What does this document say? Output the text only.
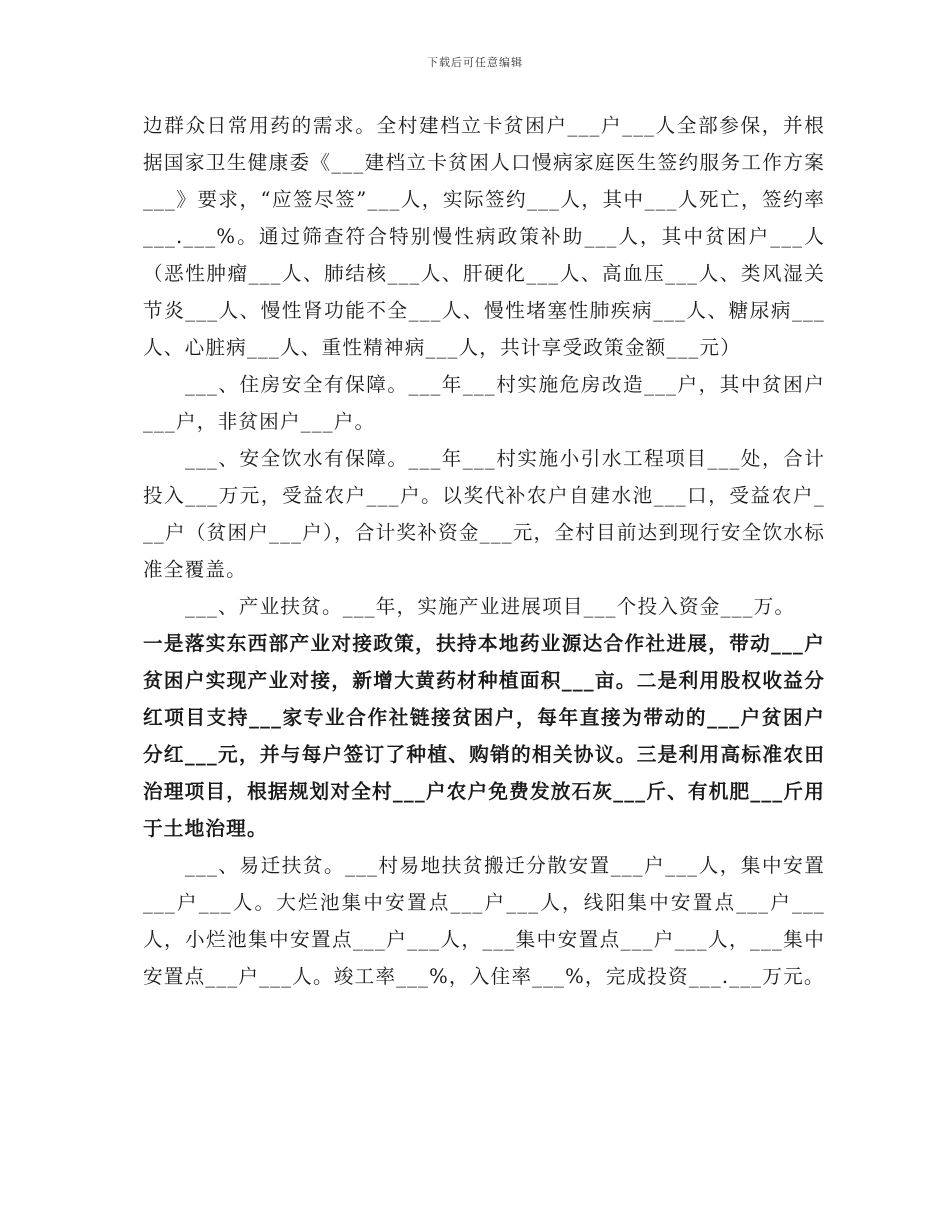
下载后可任意编辑

边群众日常用药的需求。全村建档立卡贫困户___户___人全部参保，并根据国家卫生健康委《___建档立卡贫困人口慢病家庭医生签约服务工作方案___》要求，“应签尽签”___人，实际签约___人，其中___人死亡，签约率___.___%。通过筛查符合特别慢性病政策补助___人，其中贫困户___人（恶性肿瘤___人、肺结核___人、肝硬化___人、高血压___人、类风湿关节炎___人、慢性肾功能不全___人、慢性堵塞性肺疾病___人、糖尿病___人、心脏病___人、重性精神病___人，共计享受政策金额___元）

___、住房安全有保障。___年___村实施危房改造___户，其中贫困户___户，非贫困户___户。

___、安全饮水有保障。___年___村实施小引水工程项目___处，合计投入___万元，受益农户___户。以奖代补农户自建水池___口，受益农户___户（贫困户___户），合计奖补资金___元，全村目前达到现行安全饮水标准全覆盖。

___、产业扶贫。___年，实施产业进展项目___个投入资金___万。

一是落实东西部产业对接政策，扶持本地药业源达合作社进展，带动___户贫困户实现产业对接，新增大黄药材种植面积___亩。二是利用股权收益分红项目支持___家专业合作社链接贫困户，每年直接为带动的___户贫困户分红___元，并与每户签订了种植、购销的相关协议。三是利用高标准农田治理项目，根据规划对全村___户农户免费发放石灰___斤、有机肥___斤用于土地治理。

___、易迁扶贫。___村易地扶贫搬迁分散安置___户___人，集中安置___户___人。大烂池集中安置点___户___人，线阳集中安置点___户___人，小烂池集中安置点___户___人，___集中安置点___户___人，___集中安置点___户___人。竣工率___%，入住率___%，完成投资___.___万元。
